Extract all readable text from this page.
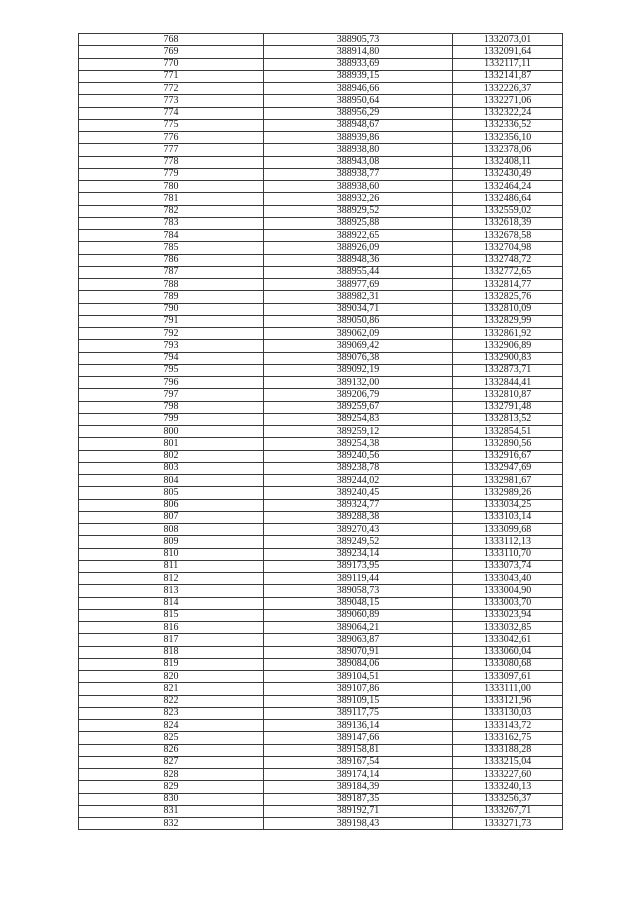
768	388905,73	1332073,01
769	388914,80	1332091,64
770	388933,69	1332117,11
771	388939,15	1332141,87
772	388946,66	1332226,37
773	388950,64	1332271,06
774	388956,29	1332322,24
775	388948,67	1332336,52
776	388939,86	1332356,10
777	388938,80	1332378,06
778	388943,08	1332408,11
779	388938,77	1332430,49
780	388938,60	1332464,24
781	388932,26	1332486,64
782	388929,52	1332559,02
783	388925,88	1332618,39
784	388922,65	1332678,58
785	388926,09	1332704,98
786	388948,36	1332748,72
787	388955,44	1332772,65
788	388977,69	1332814,77
789	388982,31	1332825,76
790	389034,71	1332810,09
791	389050,86	1332829,99
792	389062,09	1332861,92
793	389069,42	1332906,89
794	389076,38	1332900,83
795	389092,19	1332873,71
796	389132,00	1332844,41
797	389206,79	1332810,87
798	389259,67	1332791,48
799	389254,83	1332813,52
800	389259,12	1332854,51
801	389254,38	1332890,56
802	389240,56	1332916,67
803	389238,78	1332947,69
804	389244,02	1332981,67
805	389240,45	1332989,26
806	389324,77	1333034,25
807	389288,38	1333103,14
808	389270,43	1333099,68
809	389249,52	1333112,13
810	389234,14	1333110,70
811	389173,95	1333073,74
812	389119,44	1333043,40
813	389058,73	1333004,90
814	389048,15	1333003,70
815	389060,89	1333023,94
816	389064,21	1333032,85
817	389063,87	1333042,61
818	389070,91	1333060,04
819	389084,06	1333080,68
820	389104,51	1333097,61
821	389107,86	1333111,00
822	389109,15	1333121,96
823	389117,75	1333130,03
824	389136,14	1333143,72
825	389147,66	1333162,75
826	389158,81	1333188,28
827	389167,54	1333215,04
828	389174,14	1333227,60
829	389184,39	1333240,13
830	389187,35	1333256,37
831	389192,71	1333267,71
832	389198,43	1333271,73
